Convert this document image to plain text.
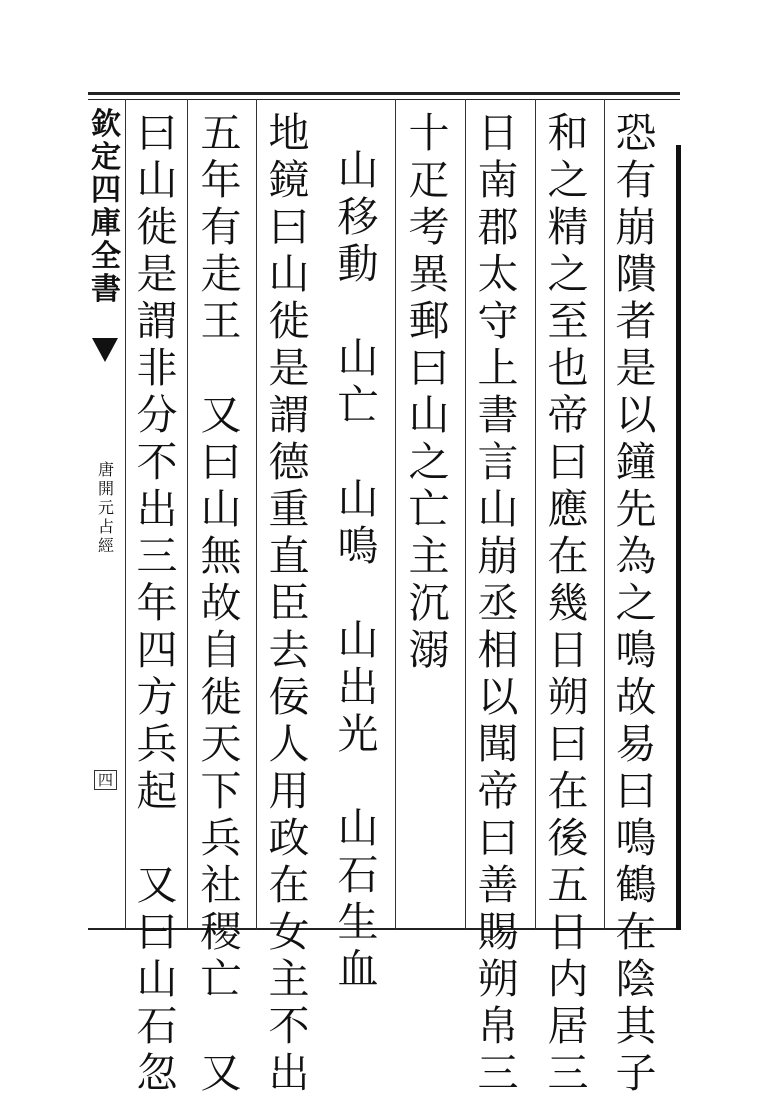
欽
定
四
庫
全
書
唐
開
元
占
經
四
恐
有
崩
隤
者
是
以
鐘
先
為
之
鳴
故
易
曰
鳴
鶴
在
陰
其
子
和
之
精
之
至
也
帝
曰
應
在
幾
日
朔
曰
在
後
五
日
内
居
三
日
南
郡
太
守
上
書
言
山
崩
丞
相
以
聞
帝
曰
善
賜
朔
帛
三
十
疋
考
異
郵
曰
山
之
亡
主
沉
溺
山
移
動

山
亡

山
鳴

山
出
光

山
石
生
血
地
鏡
曰
山
徙
是
謂
德
重
直
臣
去
佞
人
用
政
在
女
主
不
出
五
年
有
走
王

又
曰
山
無
故
自
徙
天
下
兵
社
稷
亡

又
曰
山
徙
是
謂
非
分
不
出
三
年
四
方
兵
起

又
曰
山
石
忽
